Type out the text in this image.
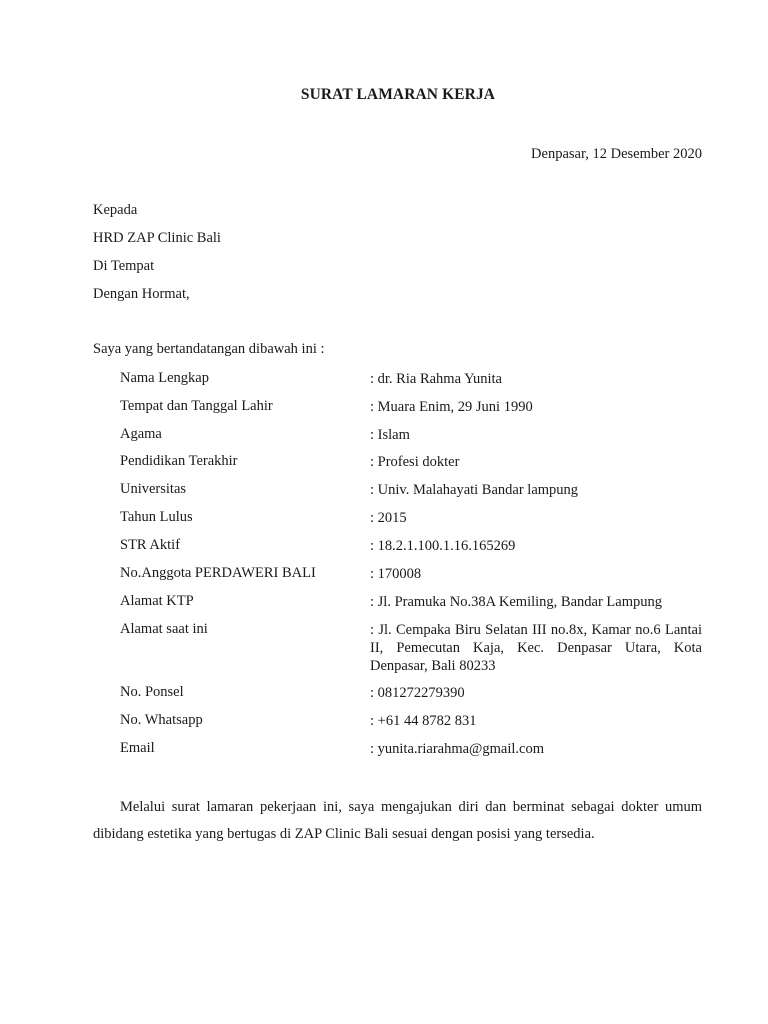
SURAT LAMARAN KERJA
Denpasar, 12 Desember 2020
Kepada
HRD ZAP Clinic Bali
Di Tempat
Dengan Hormat,
Saya yang bertandatangan dibawah ini :
Nama Lengkap	: dr. Ria Rahma Yunita
Tempat dan Tanggal Lahir	: Muara Enim, 29 Juni 1990
Agama	: Islam
Pendidikan Terakhir	: Profesi dokter
Universitas	: Univ. Malahayati Bandar lampung
Tahun Lulus	: 2015
STR Aktif	: 18.2.1.100.1.16.165269
No.Anggota PERDAWERI BALI	: 170008
Alamat KTP	: Jl. Pramuka No.38A Kemiling, Bandar Lampung
Alamat saat ini	: Jl. Cempaka Biru Selatan III no.8x, Kamar no.6 Lantai II, Pemecutan Kaja, Kec. Denpasar Utara, Kota Denpasar, Bali 80233
No. Ponsel	: 081272279390
No. Whatsapp	: +61 44 8782 831
Email	: yunita.riarahma@gmail.com
Melalui surat lamaran pekerjaan ini, saya mengajukan diri dan berminat sebagai dokter umum dibidang estetika yang bertugas di ZAP Clinic Bali sesuai dengan posisi yang tersedia.
